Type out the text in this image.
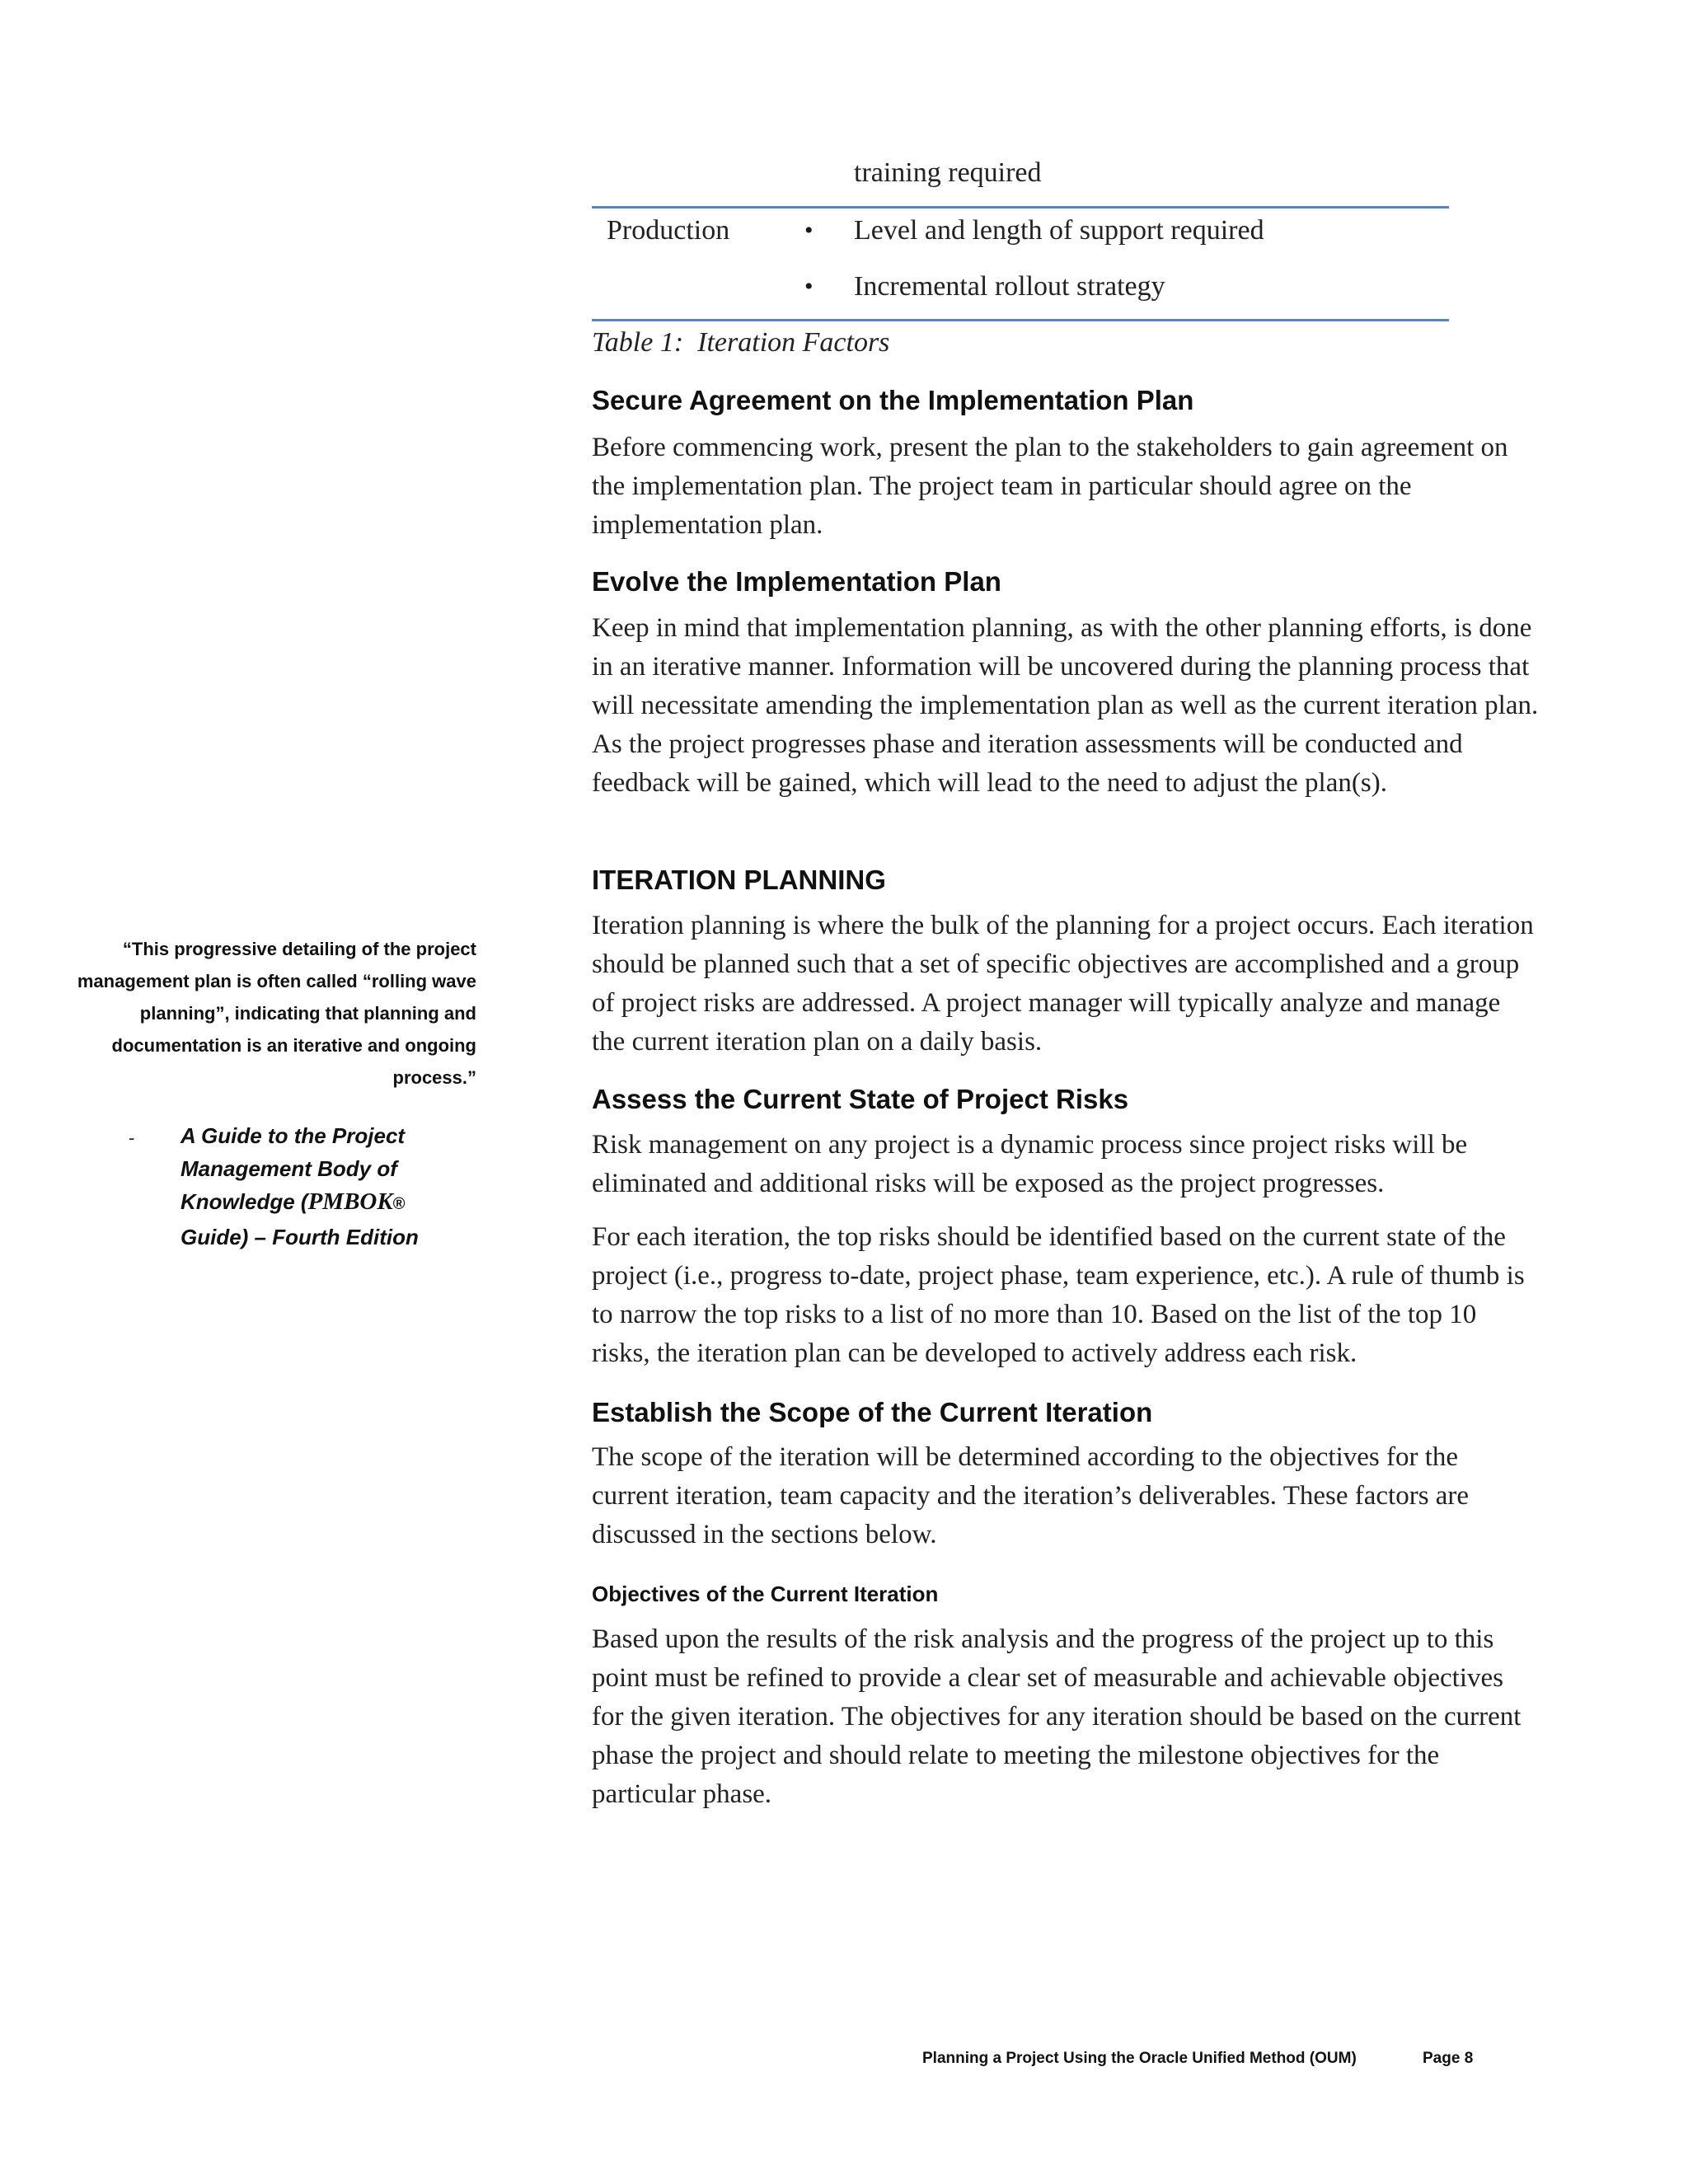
training required
Production	• Level and length of support required
• Incremental rollout strategy
Table 1: Iteration Factors
Secure Agreement on the Implementation Plan

Before commencing work, present the plan to the stakeholders to gain agreement on the implementation plan. The project team in particular should agree on the implementation plan.

Evolve the Implementation Plan

Keep in mind that implementation planning, as with the other planning efforts, is done in an iterative manner. Information will be uncovered during the planning process that will necessitate amending the implementation plan as well as the current iteration plan. As the project progresses phase and iteration assessments will be conducted and feedback will be gained, which will lead to the need to adjust the plan(s).

ITERATION PLANNING

Iteration planning is where the bulk of the planning for a project occurs. Each iteration should be planned such that a set of specific objectives are accomplished and a group of project risks are addressed. A project manager will typically analyze and manage the current iteration plan on a daily basis.

Assess the Current State of Project Risks

Risk management on any project is a dynamic process since project risks will be eliminated and additional risks will be exposed as the project progresses.

For each iteration, the top risks should be identified based on the current state of the project (i.e., progress to-date, project phase, team experience, etc.). A rule of thumb is to narrow the top risks to a list of no more than 10. Based on the list of the top 10 risks, the iteration plan can be developed to actively address each risk.

Establish the Scope of the Current Iteration

The scope of the iteration will be determined according to the objectives for the current iteration, team capacity and the iteration’s deliverables. These factors are discussed in the sections below.

Objectives of the Current Iteration

Based upon the results of the risk analysis and the progress of the project up to this point must be refined to provide a clear set of measurable and achievable objectives for the given iteration. The objectives for any iteration should be based on the current phase the project and should relate to meeting the milestone objectives for the particular phase.

“This progressive detailing of the project management plan is often called “rolling wave planning”, indicating that planning and documentation is an iterative and ongoing process.”
- A Guide to the Project Management Body of Knowledge (PMBOK® Guide) – Fourth Edition
Planning a Project Using the Oracle Unified Method (OUM)	Page 8
